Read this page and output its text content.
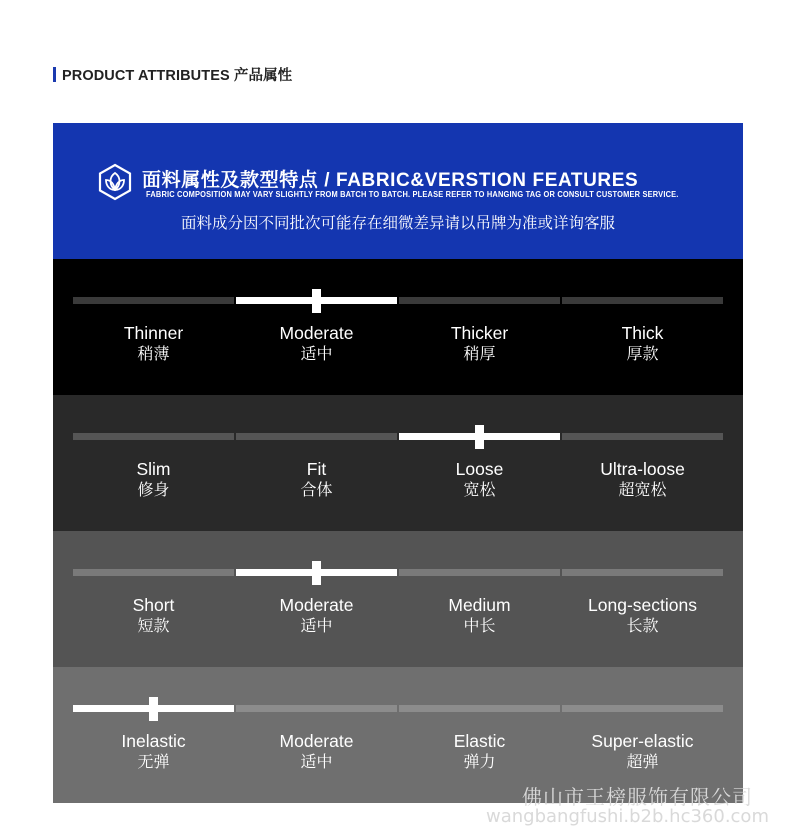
PRODUCT ATTRIBUTES 产品属性
面料属性及款型特点 / FABRIC&VERSTION FEATURES
FABRIC COMPOSITION MAY VARY SLIGHTLY FROM BATCH TO BATCH. PLEASE REFER TO HANGING TAG OR CONSULT CUSTOMER SERVICE.
面料成分因不同批次可能存在细微差异请以吊牌为准或详询客服
Thinner
稍薄
Moderate
适中
Thicker
稍厚
Thick
厚款
Slim
修身
Fit
合体
Loose
宽松
Ultra-loose
超宽松
Short
短款
Moderate
适中
Medium
中长
Long-sections
长款
Inelastic
无弹
Moderate
适中
Elastic
弹力
Super-elastic
超弹
佛山市王榜服饰有限公司
wangbangfushi.b2b.hc360.com
